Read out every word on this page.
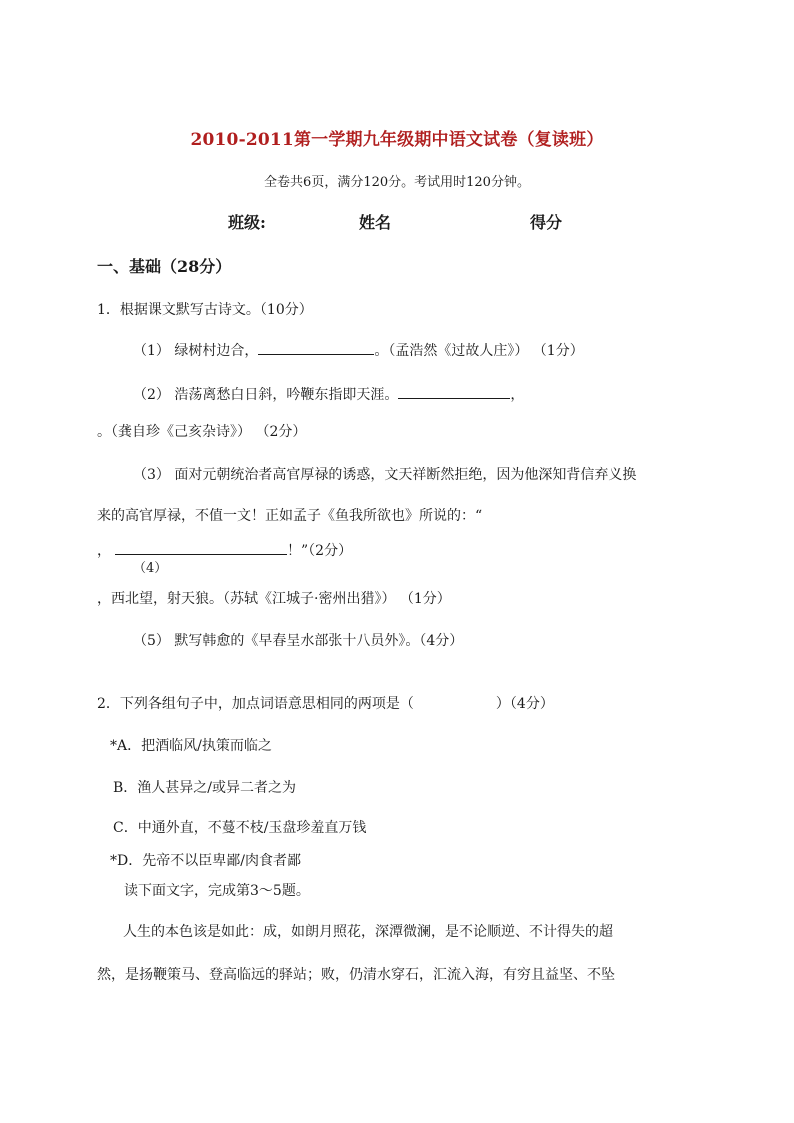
2010-2011第一学期九年级期中语文试卷（复读班）
全卷共6页，满分120分。考试用时120分钟。
班级:	姓名	得分
一、基础（28分）
1．根据课文默写古诗文。（10分）
（1） 绿树村边合，	。（孟浩然《过故人庄》） （1分）
（2） 浩荡离愁白日斜，吟鞭东指即天涯。	，
。（龚自珍《己亥杂诗》） （2分）
（3） 面对元朝统治者高官厚禄的诱惑，文天祥断然拒绝，因为他深知背信弃义换
来的高官厚禄，不值一文！正如孟子《鱼我所欲也》所说的：“
，	！”（2分）
（4）
，西北望，射天狼。（苏轼《江城子·密州出猎》） （1分）
（5） 默写韩愈的《早春呈水部张十八员外》。（4分）
2．下列各组句子中，加点词语意思相同的两项是（	）（4分）
*A．把酒临风/执策而临之
B．渔人甚异之/或异二者之为
C．中通外直，不蔓不枝/玉盘珍羞直万钱
*D．先帝不以臣卑鄙/肉食者鄙
读下面文字，完成第3～5题。
人生的本色该是如此：成，如朗月照花，深潭微澜，是不论顺逆、不计得失的超
然，是扬鞭策马、登高临远的驿站；败，仍清水穿石，汇流入海，有穷且益坚、不坠
